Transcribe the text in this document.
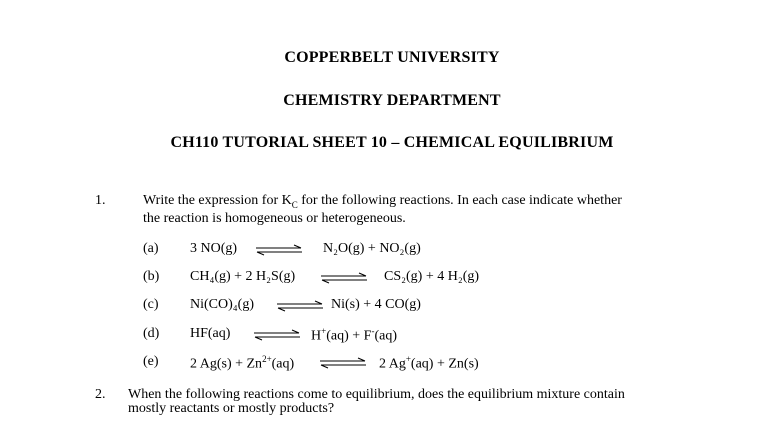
COPPERBELT UNIVERSITY
CHEMISTRY DEPARTMENT
CH110 TUTORIAL SHEET 10 – CHEMICAL EQUILIBRIUM
1.	Write the expression for $K_C$ for the following reactions. In each case indicate whether
the reaction is homogeneous or heterogeneous.
(a) 3 NO(g) ⇌ N₂O(g) + NO₂(g)
(b) CH₄(g) + 2 H₂S(g) ⇌ CS₂(g) + 4 H₂(g)
(c) Ni(CO)₄(g) ⇌ Ni(s) + 4 CO(g)
(d) HF(aq) ⇌ H+(aq) + F-(aq)
(e) 2 $Ag(s) + Zn^{2+}(aq)$ ⇌ 2 Ag+(aq) + Zn(s)
2. When the following reactions come to equilibrium, does the equilibrium mixture contain
mostly reactants or mostly products?
